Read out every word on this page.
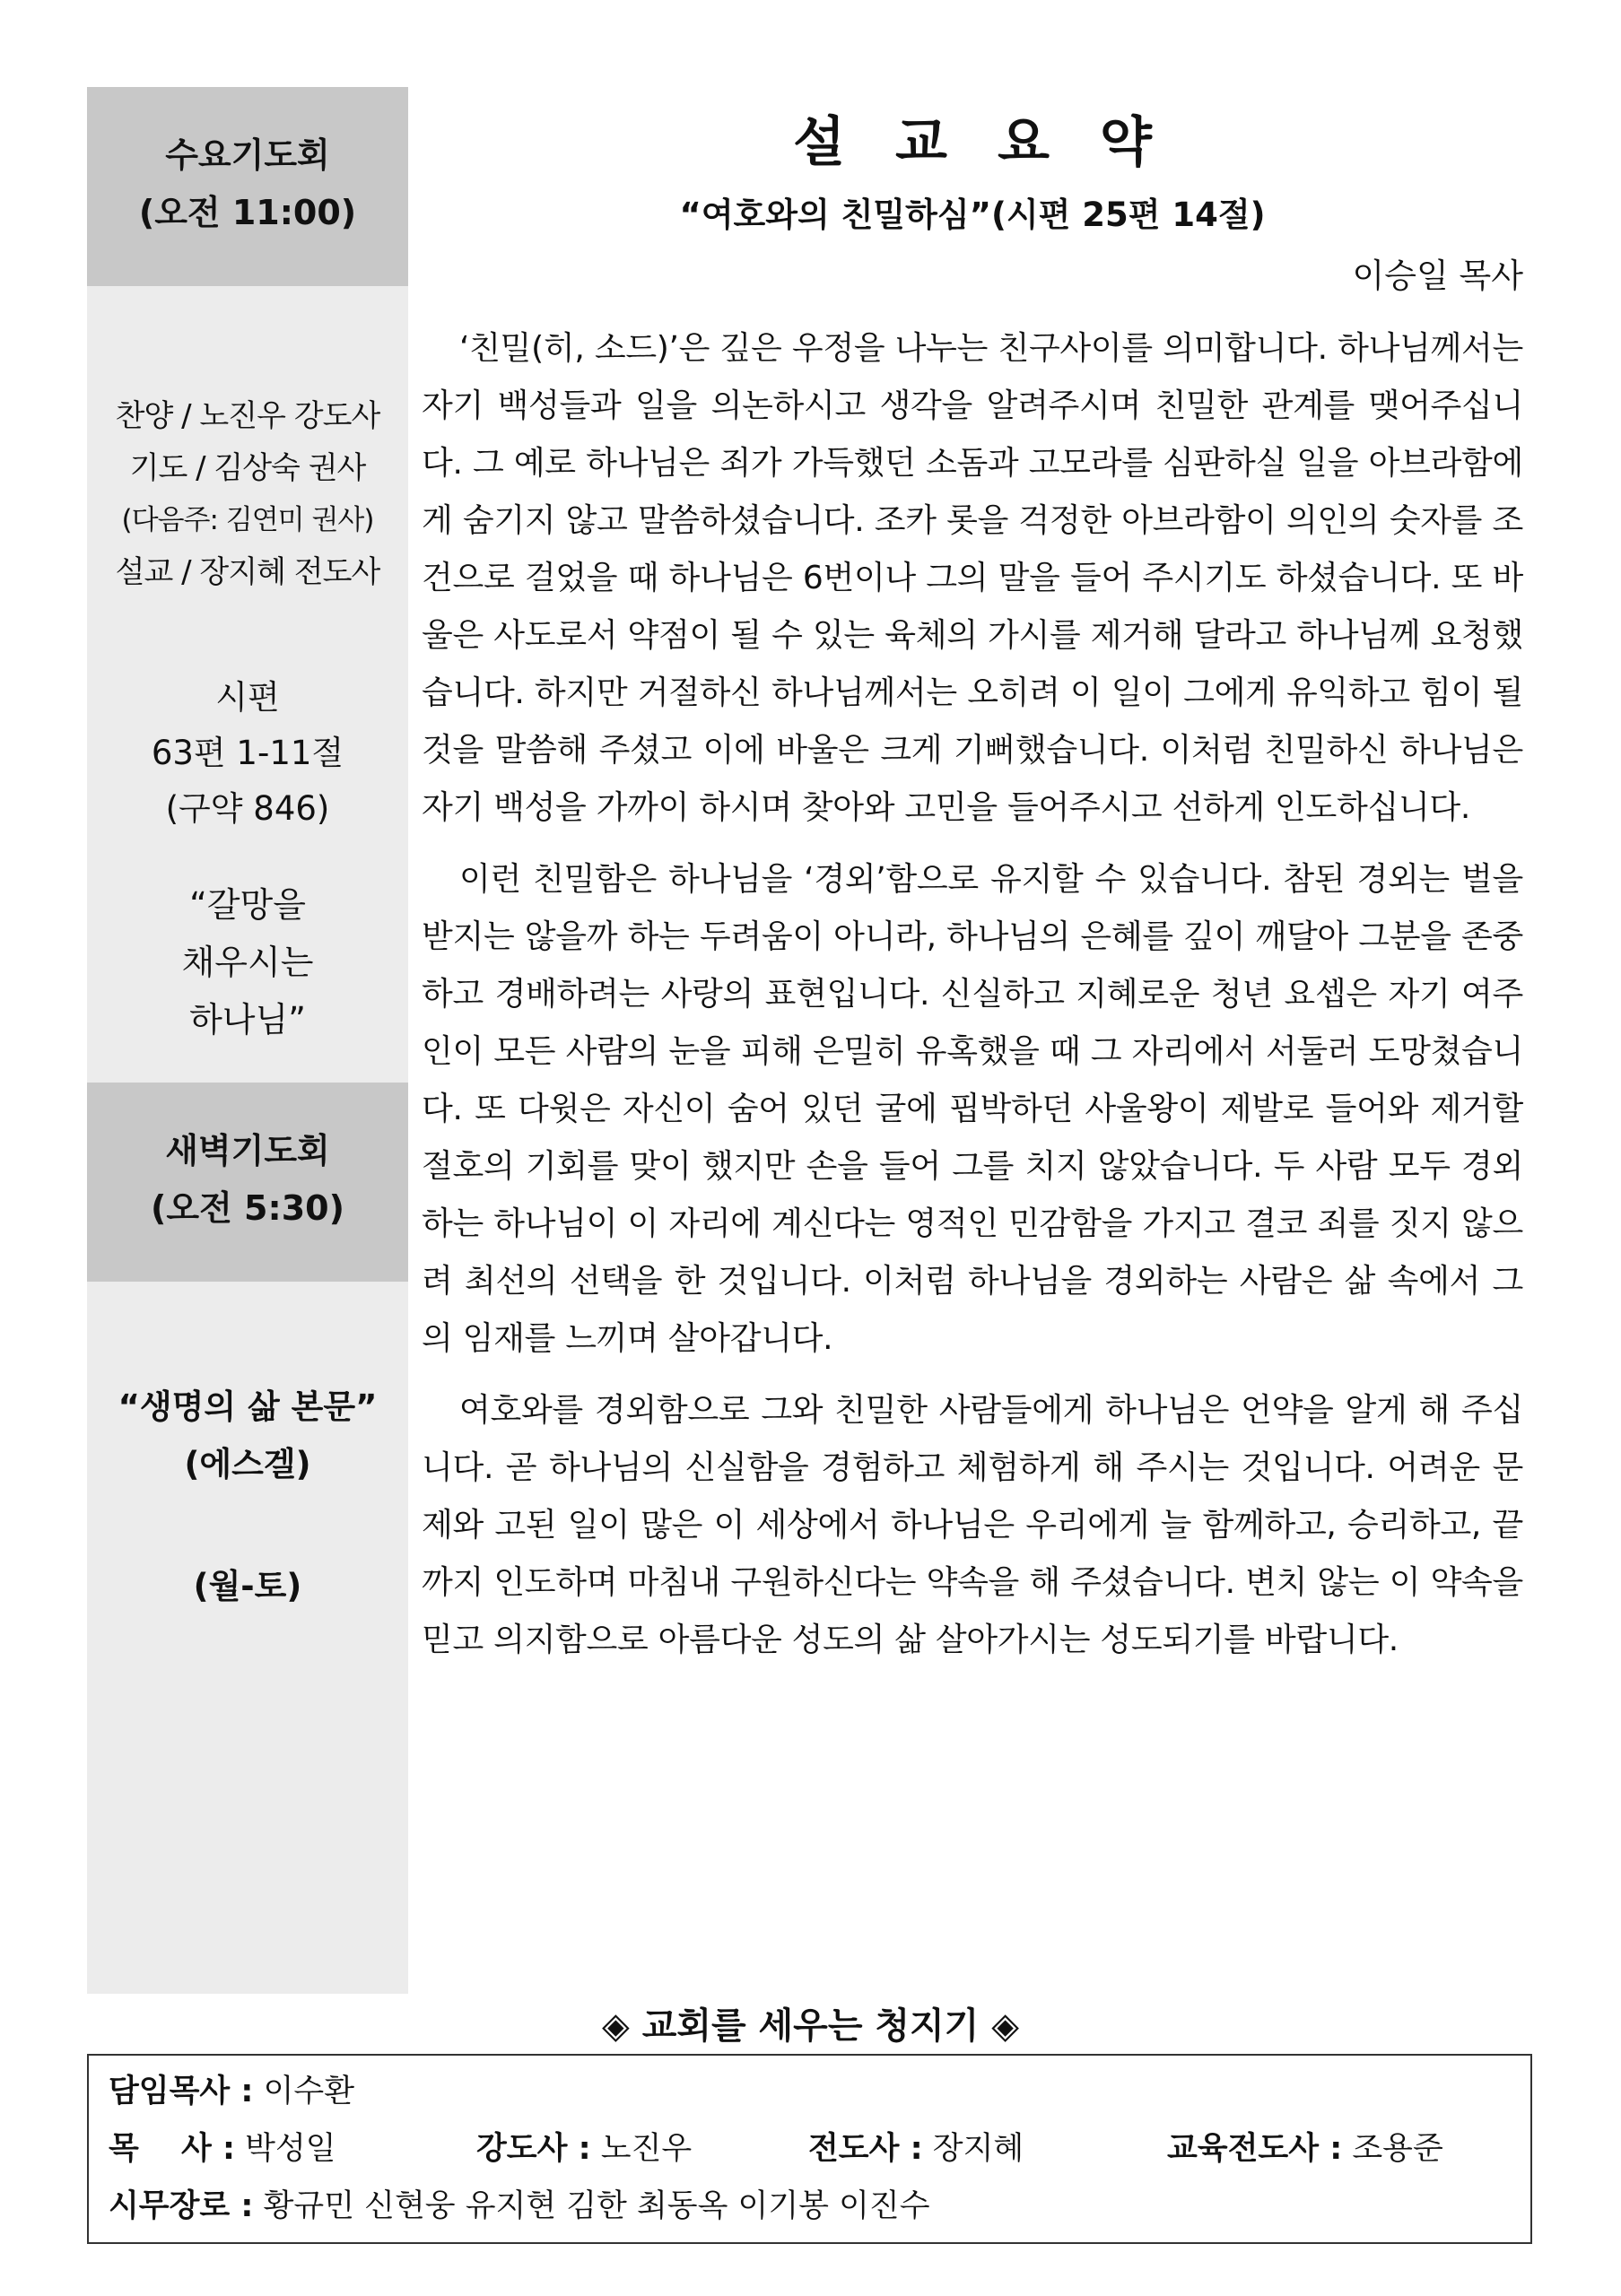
수요기도회
(오전 11:00)
찬양 / 노진우 강도사
기도 / 김상숙 권사
(다음주: 김연미 권사)
설교 / 장지혜 전도사
시편
63편 1-11절
(구약 846)
“갈망을
채우시는
하나님”
새벽기도회
(오전 5:30)
“생명의 삶 본문”
(에스겔)
(월-토)
설교요약
“여호와의 친밀하심”(시편 25편 14절)
이승일 목사

‘친밀(히, 소드)’은 깊은 우정을 나누는 친구사이를 의미합니다. 하나님께서는 자기 백성들과 일을 의논하시고 생각을 알려주시며 친밀한 관계를 맺어주십니다. 그 예로 하나님은 죄가 가득했던 소돔과 고모라를 심판하실 일을 아브라함에게 숨기지 않고 말씀하셨습니다. 조카 롯을 걱정한 아브라함이 의인의 숫자를 조건으로 걸었을 때 하나님은 6번이나 그의 말을 들어 주시기도 하셨습니다. 또 바울은 사도로서 약점이 될 수 있는 육체의 가시를 제거해 달라고 하나님께 요청했습니다. 하지만 거절하신 하나님께서는 오히려 이 일이 그에게 유익하고 힘이 될 것을 말씀해 주셨고 이에 바울은 크게 기뻐했습니다. 이처럼 친밀하신 하나님은 자기 백성을 가까이 하시며 찾아와 고민을 들어주시고 선하게 인도하십니다.

이런 친밀함은 하나님을 ‘경외’함으로 유지할 수 있습니다. 참된 경외는 벌을 받지는 않을까 하는 두려움이 아니라, 하나님의 은혜를 깊이 깨달아 그분을 존중하고 경배하려는 사랑의 표현입니다. 신실하고 지혜로운 청년 요셉은 자기 여주인이 모든 사람의 눈을 피해 은밀히 유혹했을 때 그 자리에서 서둘러 도망쳤습니다. 또 다윗은 자신이 숨어 있던 굴에 핍박하던 사울왕이 제발로 들어와 제거할 절호의 기회를 맞이 했지만 손을 들어 그를 치지 않았습니다. 두 사람 모두 경외하는 하나님이 이 자리에 계신다는 영적인 민감함을 가지고 결코 죄를 짓지 않으려 최선의 선택을 한 것입니다. 이처럼 하나님을 경외하는 사람은 삶 속에서 그의 임재를 느끼며 살아갑니다.

여호와를 경외함으로 그와 친밀한 사람들에게 하나님은 언약을 알게 해 주십니다. 곧 하나님의 신실함을 경험하고 체험하게 해 주시는 것입니다. 어려운 문제와 고된 일이 많은 이 세상에서 하나님은 우리에게 늘 함께하고, 승리하고, 끝까지 인도하며 마침내 구원하신다는 약속을 해 주셨습니다. 변치 않는 이 약속을 믿고 의지함으로 아름다운 성도의 삶 살아가시는 성도되기를 바랍니다.

◈ 교회를 세우는 청지기 ◈
담임목사 : 이수환
목　 사 : 박성일	강도사 : 노진우	전도사 : 장지혜	교육전도사 : 조용준
시무장로 : 황규민 신현웅 유지현 김한 최동옥 이기봉 이진수
